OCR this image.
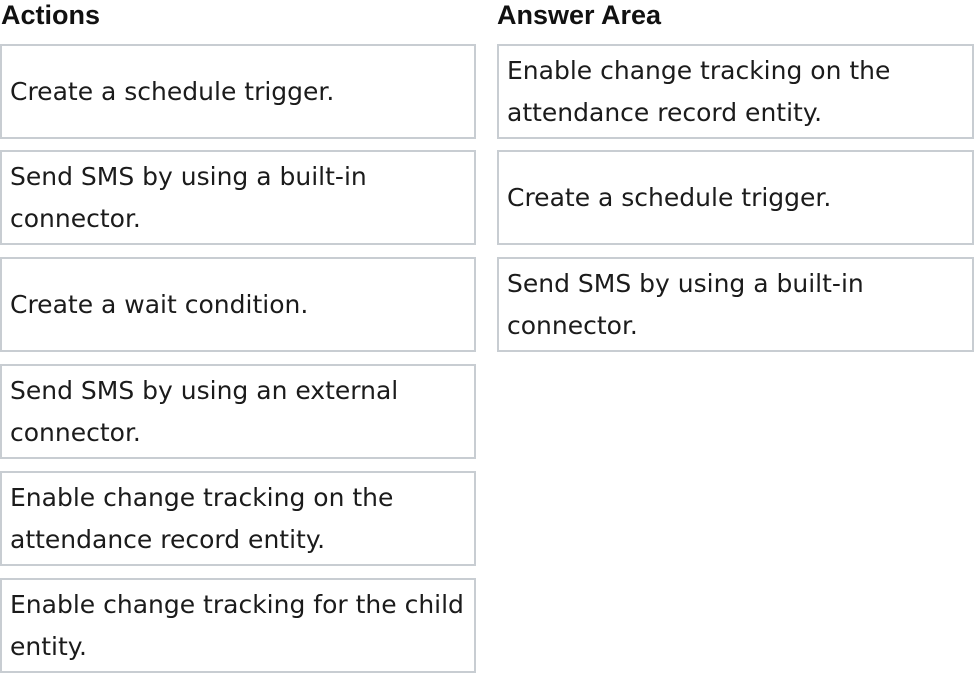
Actions	Answer Area
Create a schedule trigger.
Send SMS by using a built-in
connector.
Create a wait condition.
Send SMS by using an external
connector.
Enable change tracking on the
attendance record entity.
Enable change tracking for the child
entity.
Enable change tracking on the
attendance record entity.
Create a schedule trigger.
Send SMS by using a built-in
connector.
